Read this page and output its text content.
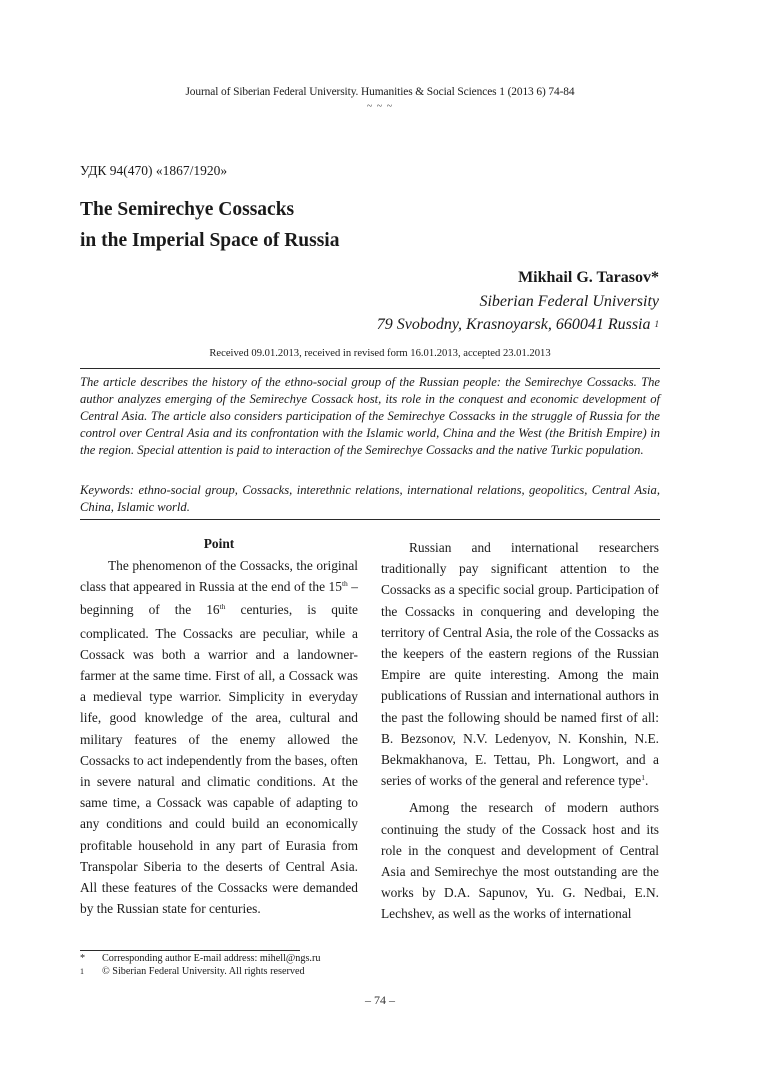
Journal of Siberian Federal University. Humanities & Social Sciences 1 (2013 6) 74-84
~ ~ ~
УДК 94(470) «1867/1920»
The Semirechye Cossacks
in the Imperial Space of Russia
Mikhail G. Tarasov*
Siberian Federal University
79 Svobodny, Krasnoyarsk, 660041 Russia $^1$
Received 09.01.2013, received in revised form 16.01.2013, accepted 23.01.2013
The article describes the history of the ethno-social group of the Russian people: the Semirechye Cossacks. The author analyzes emerging of the Semirechye Cossack host, its role in the conquest and economic development of Central Asia. The article also considers participation of the Semirechye Cossacks in the struggle of Russia for the control over Central Asia and its confrontation with the Islamic world, China and the West (the British Empire) in the region. Special attention is paid to interaction of the Semirechye Cossacks and the native Turkic population.
Keywords: ethno-social group, Cossacks, interethnic relations, international relations, geopolitics, Central Asia, China, Islamic world.
Point

The phenomenon of the Cossacks, the original class that appeared in Russia at the end of the 15th – beginning of the 16th centuries, is quite complicated. The Cossacks are peculiar, while a Cossack was both a warrior and a landowner-farmer at the same time. First of all, a Cossack was a medieval type warrior. Simplicity in everyday life, good knowledge of the area, cultural and military features of the enemy allowed the Cossacks to act independently from the bases, often in severe natural and climatic conditions. At the same time, a Cossack was capable of adapting to any conditions and could build an economically profitable household in any part of Eurasia from Transpolar Siberia to the deserts of Central Asia. All these features of the Cossacks were demanded by the Russian state for centuries.

Russian and international researchers traditionally pay significant attention to the Cossacks as a specific social group. Participation of the Cossacks in conquering and developing the territory of Central Asia, the role of the Cossacks as the keepers of the eastern regions of the Russian Empire are quite interesting. Among the main publications of Russian and international authors in the past the following should be named first of all: B. Bezsonov, N.V. Ledenyov, N. Konshin, N.E. Bekmakhanova, E. Tettau, Ph. Longwort, and a series of works of the general and reference type$^1$.

Among the research of modern authors continuing the study of the Cossack host and its role in the conquest and development of Central Asia and Semirechye the most outstanding are the works by D.A. Sapunov, Yu. G. Nedbai, E.N. Lechshev, as well as the works of international

*	Corresponding author E-mail address: mihell@ngs.ru
1	© Siberian Federal University. All rights reserved
– 74 –
